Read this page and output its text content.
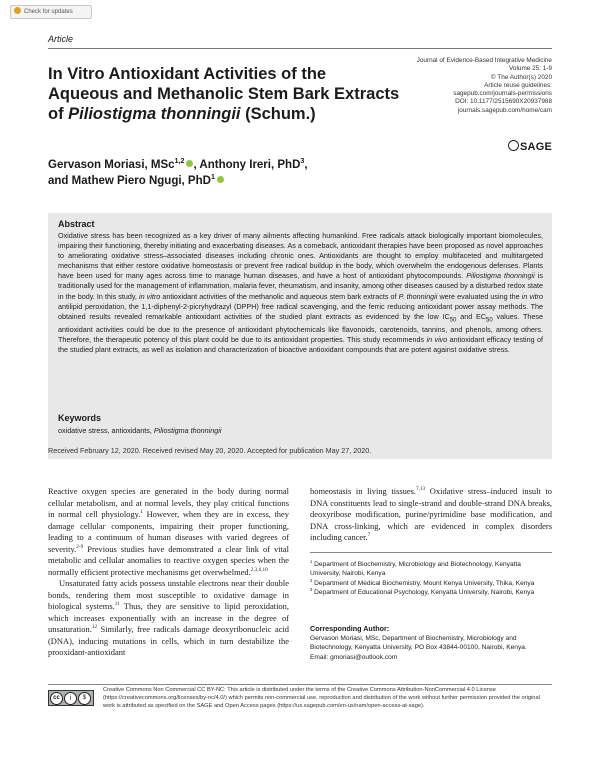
Check for updates
Article
In Vitro Antioxidant Activities of the
Aqueous and Methanolic Stem Bark Extracts
of Piliostigma thonningii (Schum.)
Journal of Evidence-Based Integrative Medicine
Volume 25: 1-9
© The Author(s) 2020
Article reuse guidelines:
sagepub.com/journals-permissions
DOI: 10.1177/2515690X20937988
journals.sagepub.com/home/cam
SAGE
Gervason Moriasi, MSc$^{1,2}$ , Anthony Ireri, PhD$^3$,
and Mathew Piero Ngugi, PhD$^1$
Abstract
Oxidative stress has been recognized as a key driver of many ailments affecting humankind. Free radicals attack biologically important biomolecules, impairing their functioning, thereby initiating and exacerbating diseases. As a comeback, antioxidant therapies have been proposed as novel approaches to ameliorating oxidative stress–associated diseases including chronic ones. Antioxidants are thought to employ multifaceted and multitargeted mechanisms that either restore oxidative homeostasis or prevent free radical buildup in the body, which overwhelm the endogenous defenses. Plants have been used for many ages across time to manage human diseases, and have a host of antioxidant phytocompounds. Piliostigma thonningii is traditionally used for the management of inflammation, malaria fever, rheumatism, and insanity, among other diseases caused by a disturbed redox state in the body. In this study, in vitro antioxidant activities of the methanolic and aqueous stem bark extracts of P. thonningii were evaluated using the in vitro antilipid peroxidation, the 1,1-diphenyl-2-picryhydrazyl (DPPH) free radical scavenging, and the ferric reducing antioxidant power assay methods. The obtained results revealed remarkable antioxidant activities of the studied plant extracts as evidenced by the low $IC_{50}$ and $EC_{50}$ values. These antioxidant activities could be due to the presence of antioxidant phytochemicals like flavonoids, carotenoids, tannins, and phenols, among others. Therefore, the therapeutic potency of this plant could be due to its antioxidant properties. This study recommends in vivo antioxidant efficacy testing of the studied plant extracts, as well as isolation and characterization of bioactive antioxidant compounds that are potent against oxidative stress.
Keywords
oxidative stress, antioxidants, Piliostigma thonningii
Received February 12, 2020. Received revised May 20, 2020. Accepted for publication May 27, 2020.

Reactive oxygen species are generated in the body during normal cellular metabolism, and at normal levels, they play critical functions in normal cell physiology.$^1$ However, when they are in excess, they damage cellular components, impairing their proper functioning, leading to a continuum of human diseases with varied degrees of severity.$^{2-9}$ Previous studies have demonstrated a clear link of vital metabolic and cellular anomalies to reactive oxygen species when the normally efficient protective mechanisms get overwhelmed.$^{2,3,6,10}$

Unsaturated fatty acids possess unstable electrons near their double bonds, rendering them most susceptible to oxidative damage in biological systems.$^{11}$ Thus, they are sensitive to lipid peroxidation, which increases exponentially with an increase in the degree of unsaturation.$^{12}$ Similarly, free radicals damage deoxyribonucleic acid (DNA), inducing mutations in cells, which in turn destabilize the prooxidant-antioxidant

homeostasis in living tissues.$^{7,13}$ Oxidative stress–induced insult to DNA constituents lead to single-strand and double-strand DNA breaks, deoxyribose modification, purine/pyrimidine base modification, and DNA cross-linking, which are evidenced in complex disorders including cancer.$^7$

$^1$ Department of Biochemistry, Microbiology and Biotechnology, Kenyatta University, Nairobi, Kenya
$^2$ Department of Medical Biochemistry, Mount Kenya University, Thika, Kenya
$^3$ Department of Educational Psychology, Kenyatta University, Nairobi, Kenya
Corresponding Author:
Gervason Moriasi, MSc, Department of Biochemistry, Microbiology and Biotechnology, Kenyatta University, PO Box 43844-00100, Nairobi, Kenya.
Email: gmoriasi@outlook.com
cc	i	$
Creative Commons Non Commercial CC BY-NC: This article is distributed under the terms of the Creative Commons Attribution-NonCommercial 4.0 License (https://creativecommons.org/licenses/by-nc/4.0/) which permits non-commercial use, reproduction and distribution of the work without further permission provided the original work is attributed as specified on the SAGE and Open Access pages (https://us.sagepub.com/en-us/nam/open-access-at-sage).
